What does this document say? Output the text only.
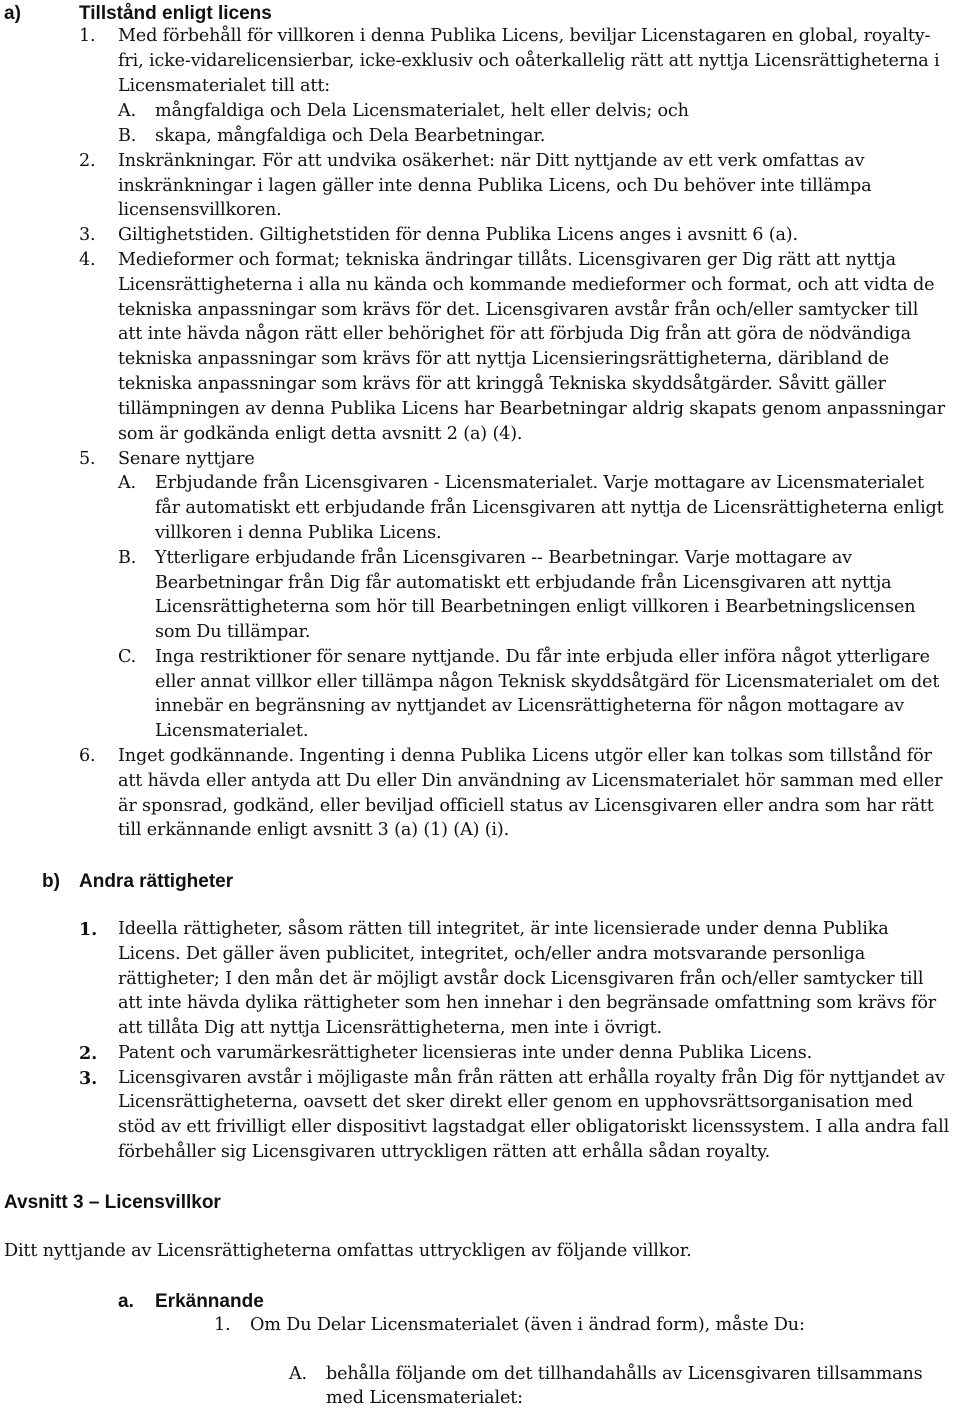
a)	Tillstånd enligt licens
1. Med förbehåll för villkoren i denna Publika Licens, beviljar Licenstagaren en global, royalty-
fri, icke-vidarelicensierbar, icke-exklusiv och oåterkallelig rätt att nyttja Licensrättigheterna i
Licensmaterialet till att:
A. mångfaldiga och Dela Licensmaterialet, helt eller delvis; och
B. skapa, mångfaldiga och Dela Bearbetningar.
2. Inskränkningar. För att undvika osäkerhet: när Ditt nyttjande av ett verk omfattas av
inskränkningar i lagen gäller inte denna Publika Licens, och Du behöver inte tillämpa
licensensvillkoren.
3. Giltighetstiden. Giltighetstiden för denna Publika Licens anges i avsnitt 6 (a).
4. Medieformer och format; tekniska ändringar tillåts. Licensgivaren ger Dig rätt att nyttja
Licensrättigheterna i alla nu kända och kommande medieformer och format, och att vidta de
tekniska anpassningar som krävs för det. Licensgivaren avstår från och/eller samtycker till
att inte hävda någon rätt eller behörighet för att förbjuda Dig från att göra de nödvändiga
tekniska anpassningar som krävs för att nyttja Licensieringsrättigheterna, däribland de
tekniska anpassningar som krävs för att kringgå Tekniska skyddsåtgärder. Såvitt gäller
tillämpningen av denna Publika Licens har Bearbetningar aldrig skapats genom anpassningar
som är godkända enligt detta avsnitt 2 (a) (4).
5. Senare nyttjare
A. Erbjudande från Licensgivaren - Licensmaterialet. Varje mottagare av Licensmaterialet
får automatiskt ett erbjudande från Licensgivaren att nyttja de Licensrättigheterna enligt
villkoren i denna Publika Licens.
B. Ytterligare erbjudande från Licensgivaren -- Bearbetningar. Varje mottagare av
Bearbetningar från Dig får automatiskt ett erbjudande från Licensgivaren att nyttja
Licensrättigheterna som hör till Bearbetningen enligt villkoren i Bearbetningslicensen
som Du tillämpar.
C. Inga restriktioner för senare nyttjande. Du får inte erbjuda eller införa något ytterligare
eller annat villkor eller tillämpa någon Teknisk skyddsåtgärd för Licensmaterialet om det
innebär en begränsning av nyttjandet av Licensrättigheterna för någon mottagare av
Licensmaterialet.
6. Inget godkännande. Ingenting i denna Publika Licens utgör eller kan tolkas som tillstånd för
att hävda eller antyda att Du eller Din användning av Licensmaterialet hör samman med eller
är sponsrad, godkänd, eller beviljad officiell status av Licensgivaren eller andra som har rätt
till erkännande enligt avsnitt 3 (a) (1) (A) (i).
b) Andra rättigheter
1. Ideella rättigheter, såsom rätten till integritet, är inte licensierade under denna Publika
Licens. Det gäller även publicitet, integritet, och/eller andra motsvarande personliga
rättigheter; I den mån det är möjligt avstår dock Licensgivaren från och/eller samtycker till
att inte hävda dylika rättigheter som hen innehar i den begränsade omfattning som krävs för
att tillåta Dig att nyttja Licensrättigheterna, men inte i övrigt.
2. Patent och varumärkesrättigheter licensieras inte under denna Publika Licens.
3. Licensgivaren avstår i möjligaste mån från rätten att erhålla royalty från Dig för nyttjandet av
Licensrättigheterna, oavsett det sker direkt eller genom en upphovsrättsorganisation med
stöd av ett frivilligt eller dispositivt lagstadgat eller obligatoriskt licenssystem. I alla andra fall
förbehåller sig Licensgivaren uttryckligen rätten att erhålla sådan royalty.
Avsnitt 3 – Licensvillkor
Ditt nyttjande av Licensrättigheterna omfattas uttryckligen av följande villkor.
a. Erkännande
1. Om Du Delar Licensmaterialet (även i ändrad form), måste Du:
A. behålla följande om det tillhandahålls av Licensgivaren tillsammans
med Licensmaterialet:
